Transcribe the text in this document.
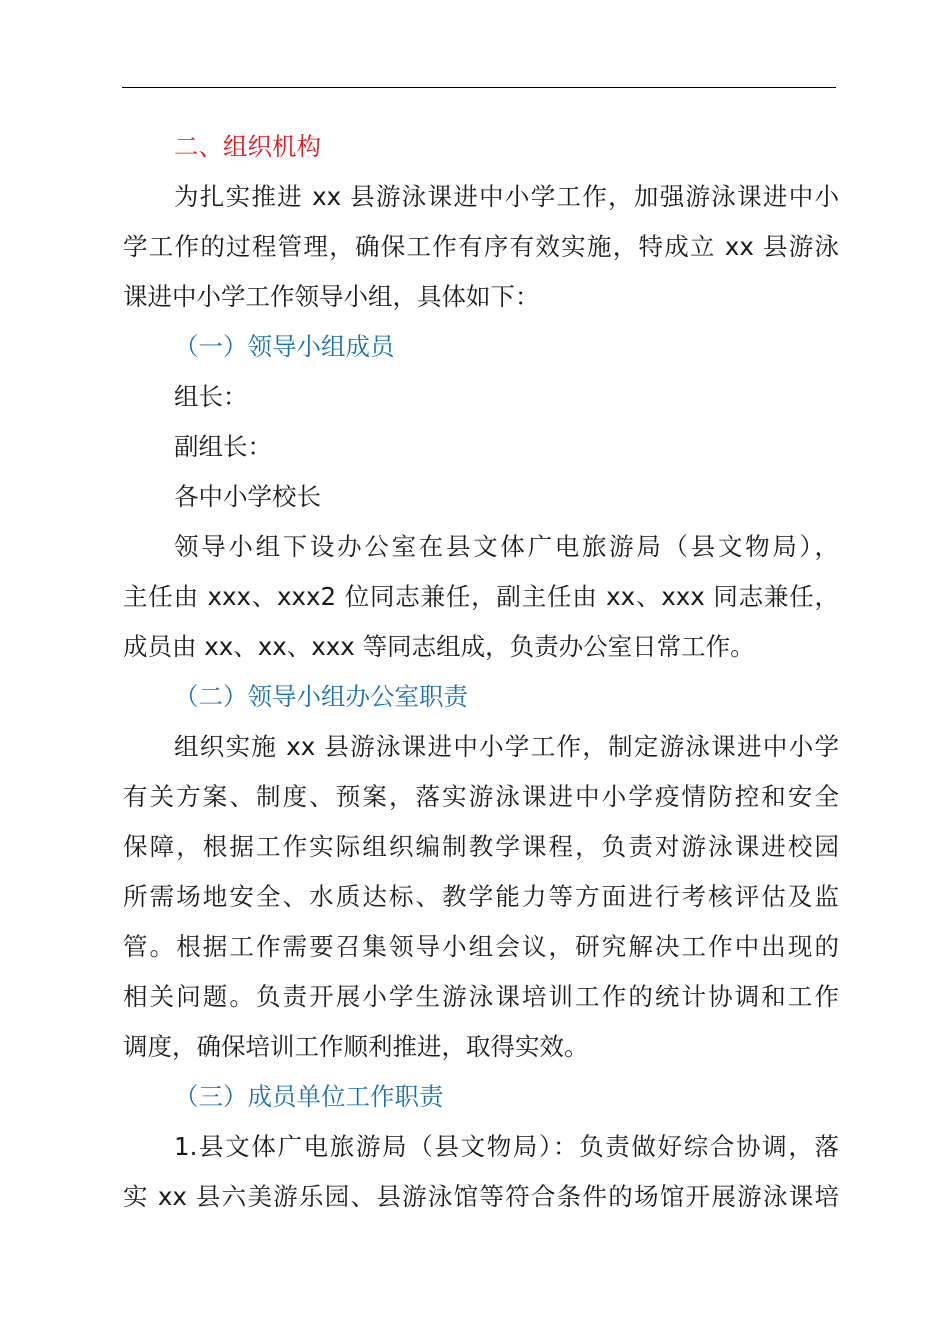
二、组织机构
为扎实推进 xx 县游泳课进中小学工作，加强游泳课进中小
学工作的过程管理，确保工作有序有效实施，特成立 xx 县游泳
课进中小学工作领导小组，具体如下：
（一）领导小组成员
组长：
副组长：
各中小学校长
领导小组下设办公室在县文体广电旅游局（县文物局），
主任由 xxx、xxx2 位同志兼任，副主任由 xx、xxx 同志兼任，
成员由 xx、xx、xxx 等同志组成，负责办公室日常工作。
（二）领导小组办公室职责
组织实施 xx 县游泳课进中小学工作，制定游泳课进中小学
有关方案、制度、预案，落实游泳课进中小学疫情防控和安全
保障，根据工作实际组织编制教学课程，负责对游泳课进校园
所需场地安全、水质达标、教学能力等方面进行考核评估及监
管。根据工作需要召集领导小组会议，研究解决工作中出现的
相关问题。负责开展小学生游泳课培训工作的统计协调和工作
调度，确保培训工作顺利推进，取得实效。
（三）成员单位工作职责
1.县文体广电旅游局（县文物局）：负责做好综合协调，落
实 xx 县六美游乐园、县游泳馆等符合条件的场馆开展游泳课培
